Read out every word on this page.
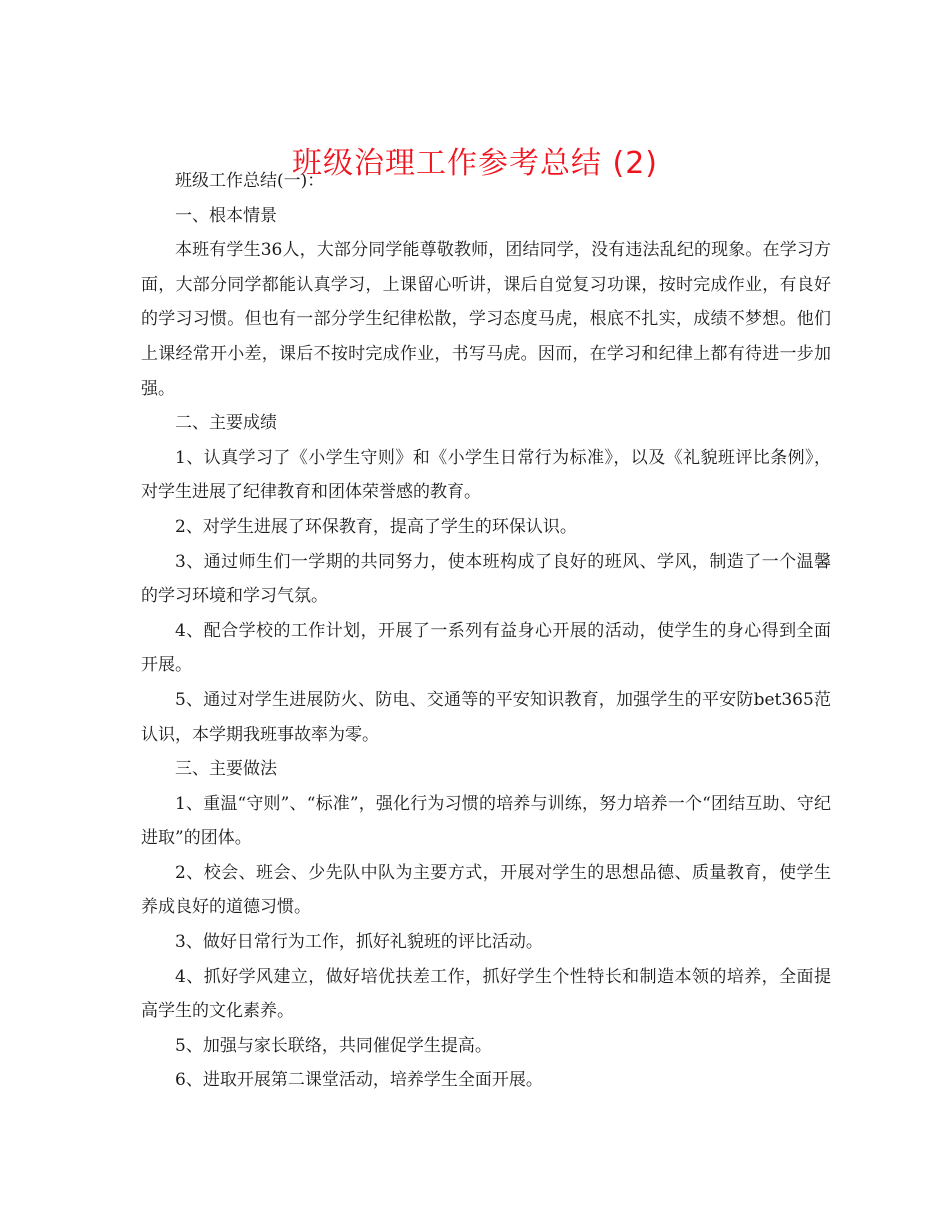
班级治理工作参考总结 (2)

班级工作总结(一)：

一、根本情景

本班有学生36人，大部分同学能尊敬教师，团结同学，没有违法乱纪的现象。在学习方面，大部分同学都能认真学习，上课留心听讲，课后自觉复习功课，按时完成作业，有良好的学习习惯。但也有一部分学生纪律松散，学习态度马虎，根底不扎实，成绩不梦想。他们上课经常开小差，课后不按时完成作业，书写马虎。因而，在学习和纪律上都有待进一步加强。

二、主要成绩

1、认真学习了《小学生守则》和《小学生日常行为标准》，以及《礼貌班评比条例》，对学生进展了纪律教育和团体荣誉感的教育。

2、对学生进展了环保教育，提高了学生的环保认识。

3、通过师生们一学期的共同努力，使本班构成了良好的班风、学风，制造了一个温馨的学习环境和学习气氛。

4、配合学校的工作计划，开展了一系列有益身心开展的活动，使学生的身心得到全面开展。

5、通过对学生进展防火、防电、交通等的平安知识教育，加强学生的平安防bet365范认识，本学期我班事故率为零。

三、主要做法

1、重温“守则”、“标准”，强化行为习惯的培养与训练，努力培养一个“团结互助、守纪进取”的团体。

2、校会、班会、少先队中队为主要方式，开展对学生的思想品德、质量教育，使学生养成良好的道德习惯。

3、做好日常行为工作，抓好礼貌班的评比活动。

4、抓好学风建立，做好培优扶差工作，抓好学生个性特长和制造本领的培养，全面提高学生的文化素养。

5、加强与家长联络，共同催促学生提高。

6、进取开展第二课堂活动，培养学生全面开展。
